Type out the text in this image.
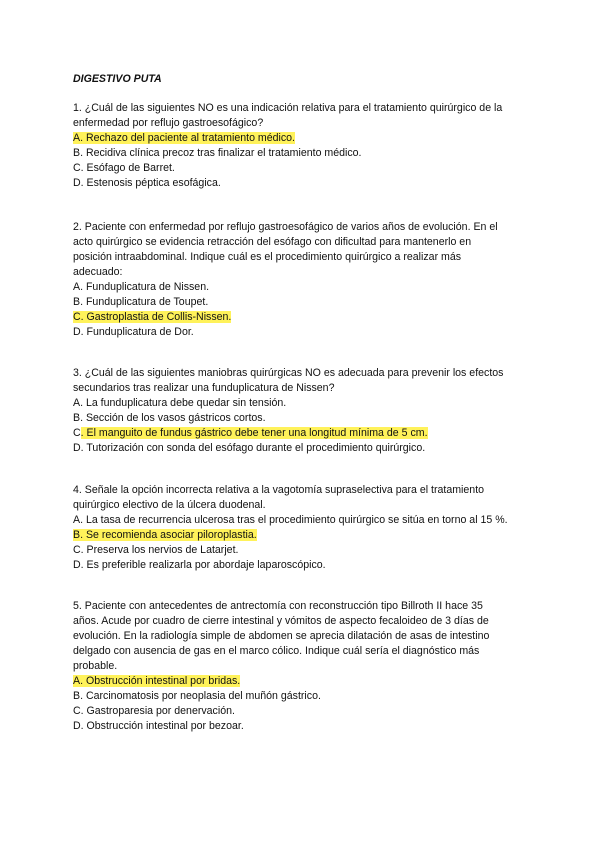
DIGESTIVO PUTA
1. ¿Cuál de las siguientes NO es una indicación relativa para el tratamiento quirúrgico de la
enfermedad por reflujo gastroesofágico?
A. Rechazo del paciente al tratamiento médico.
B. Recidiva clínica precoz tras finalizar el tratamiento médico.
C. Esófago de Barret.
D. Estenosis péptica esofágica.
2. Paciente con enfermedad por reflujo gastroesofágico de varios años de evolución. En el
acto quirúrgico se evidencia retracción del esófago con dificultad para mantenerlo en
posición intraabdominal. Indique cuál es el procedimiento quirúrgico a realizar más
adecuado:
A. Funduplicatura de Nissen.
B. Funduplicatura de Toupet.
C. Gastroplastia de Collis-Nissen.
D. Funduplicatura de Dor.
3. ¿Cuál de las siguientes maniobras quirúrgicas NO es adecuada para prevenir los efectos
secundarios tras realizar una funduplicatura de Nissen?
A. La funduplicatura debe quedar sin tensión.
B. Sección de los vasos gástricos cortos.
C. El manguito de fundus gástrico debe tener una longitud mínima de 5 cm.
D. Tutorización con sonda del esófago durante el procedimiento quirúrgico.
4. Señale la opción incorrecta relativa a la vagotomía supraselectiva para el tratamiento
quirúrgico electivo de la úlcera duodenal.
A. La tasa de recurrencia ulcerosa tras el procedimiento quirúrgico se sitúa en torno al 15 %.
B. Se recomienda asociar piloroplastia.
C. Preserva los nervios de Latarjet.
D. Es preferible realizarla por abordaje laparoscópico.
5. Paciente con antecedentes de antrectomía con reconstrucción tipo Billroth II hace 35
años. Acude por cuadro de cierre intestinal y vómitos de aspecto fecaloideo de 3 días de
evolución. En la radiología simple de abdomen se aprecia dilatación de asas de intestino
delgado con ausencia de gas en el marco cólico. Indique cuál sería el diagnóstico más
probable.
A. Obstrucción intestinal por bridas.
B. Carcinomatosis por neoplasia del muñón gástrico.
C. Gastroparesia por denervación.
D. Obstrucción intestinal por bezoar.
